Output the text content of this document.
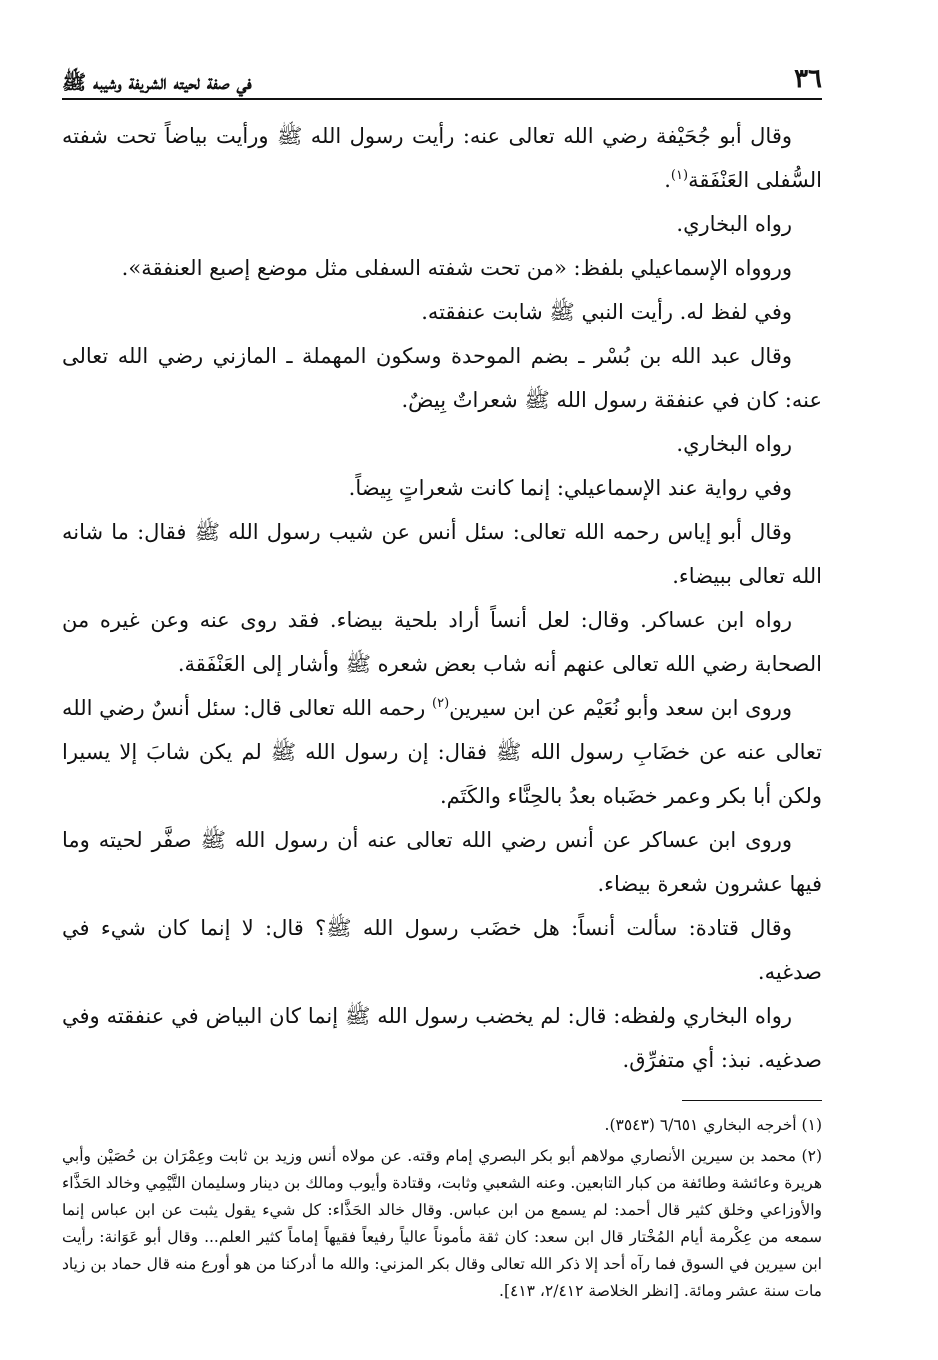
٣٦
في صفة لحيته الشريفة وشيبه ﷺ

وقال أبو جُحَيْفة رضي الله تعالى عنه: رأيت رسول الله ﷺ ورأيت بياضاً تحت شفته السُّفلى العَنْفَقة$^{(١)}$.

رواه البخاري.

وروواه الإسماعيلي بلفظ: «من تحت شفته السفلى مثل موضع إصبع العنفقة».

وفي لفظ له. رأيت النبي ﷺ شابت عنفقته.

وقال عبد الله بن بُسْر ـ بضم الموحدة وسكون المهملة ـ المازني رضي الله تعالى عنه: كان في عنفقة رسول الله ﷺ شعراتٌ بِيضٌ.

رواه البخاري.

وفي رواية عند الإسماعيلي: إنما كانت شعراتٍ بِيضاً.

وقال أبو إياس رحمه الله تعالى: سئل أنس عن شيب رسول الله ﷺ فقال: ما شانه الله تعالى ببيضاء.

رواه ابن عساكر. وقال: لعل أنساً أراد بلحية بيضاء. فقد روى عنه وعن غيره من الصحابة رضي الله تعالى عنهم أنه شاب بعض شعره ﷺ وأشار إلى العَنْفَقة.

وروى ابن سعد وأبو نُعَيْم عن ابن سيرين$^{(٢)}$ رحمه الله تعالى قال: سئل أنسٌ رضي الله تعالى عنه عن خضَابِ رسول الله ﷺ فقال: إن رسول الله ﷺ لم يكن شابَ إلا يسيرا ولكن أبا بكر وعمر خضَباه بعدُ بالحِنَّاء والكَتَم.

وروى ابن عساكر عن أنس رضي الله تعالى عنه أن رسول الله ﷺ صفَّر لحيته وما فيها عشرون شعرة بيضاء.

وقال قتادة: سألت أنساً: هل خضَب رسول الله ﷺ؟ قال: لا إنما كان شيء في صدغيه.

رواه البخاري ولفظه: قال: لم يخضب رسول الله ﷺ إنما كان البياض في عنفقته وفي صدغيه. نبذ: أي متفرِّق.

(١) أخرجه البخاري ٦/٦٥١ (٣٥٤٣).

(٢) محمد بن سيرين الأنصاري مولاهم أبو بكر البصري إمام وقته. عن مولاه أنس وزيد بن ثابت وعِمْرَان بن حُصَيْن وأبي هريرة وعائشة وطائفة من كبار التابعين. وعنه الشعبي وثابت، وقتادة وأيوب ومالك بن دينار وسليمان التَّيْمِي وخالد الحَذَّاء والأوزاعي وخلق كثير قال أحمد: لم يسمع من ابن عباس. وقال خالد الحَذَّاء: كل شيء يقول يثبت عن ابن عباس إنما سمعه من عِكْرمة أيام المُخْتار قال ابن سعد: كان ثقة مأموناً عالياً رفيعاً فقيهاً إماماً كثير العلم... وقال أبو عَوَانة: رأيت ابن سيرين في السوق فما رآه أحد إلا ذكر الله تعالى وقال بكر المزني: والله ما أدركنا من هو أورع منه قال حماد بن زياد مات سنة عشر ومائة. [انظر الخلاصة ٢/٤١٢، ٤١٣].
